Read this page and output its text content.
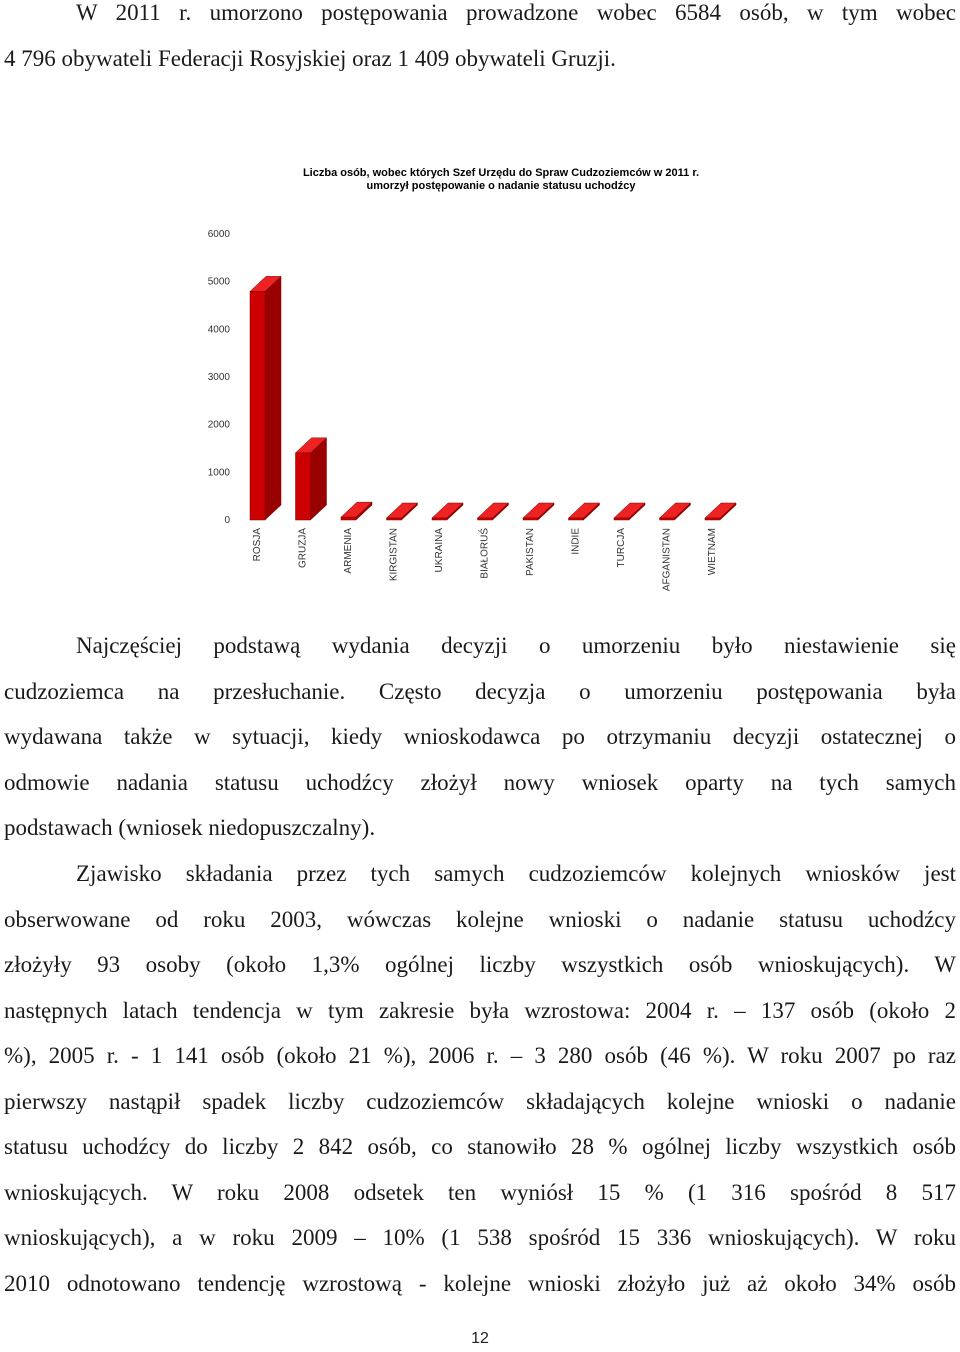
W 2011 r. umorzono postępowania prowadzone wobec 6584 osób, w tym wobec
4 796 obywateli Federacji Rosyjskiej oraz 1 409 obywateli Gruzji.
Liczba osób, wobec których Szef Urzędu do Spraw Cudzoziemców w 2011 r.
umorzył postępowanie o nadanie statusu uchodźcy
0
1000
2000
3000
4000
5000
6000
ROSJA	GRUZJA	ARMENIA	KIRGISTAN	UKRAINA	BIAŁORUŚ	PAKISTAN	INDIE	TURCJA	AFGANISTAN	WIETNAM
Najczęściej podstawą wydania decyzji o umorzeniu było niestawienie się
cudzoziemca na przesłuchanie. Często decyzja o umorzeniu postępowania była
wydawana także w sytuacji, kiedy wnioskodawca po otrzymaniu decyzji ostatecznej o
odmowie nadania statusu uchodźcy złożył nowy wniosek oparty na tych samych
podstawach (wniosek niedopuszczalny).
Zjawisko składania przez tych samych cudzoziemców kolejnych wniosków jest
obserwowane od roku 2003, wówczas kolejne wnioski o nadanie statusu uchodźcy
złożyły 93 osoby (około 1,3% ogólnej liczby wszystkich osób wnioskujących). W
następnych latach tendencja w tym zakresie była wzrostowa: 2004 r. – 137 osób (około 2
%), 2005 r. - 1 141 osób (około 21 %), 2006 r. – 3 280 osób (46 %). W roku 2007 po raz
pierwszy nastąpił spadek liczby cudzoziemców składających kolejne wnioski o nadanie
statusu uchodźcy do liczby 2 842 osób, co stanowiło 28 % ogólnej liczby wszystkich osób
wnioskujących. W roku 2008 odsetek ten wyniósł 15 % (1 316 spośród 8 517
wnioskujących), a w roku 2009 – 10% (1 538 spośród 15 336 wnioskujących). W roku
2010 odnotowano tendencję wzrostową - kolejne wnioski złożyło już aż około 34% osób
12
